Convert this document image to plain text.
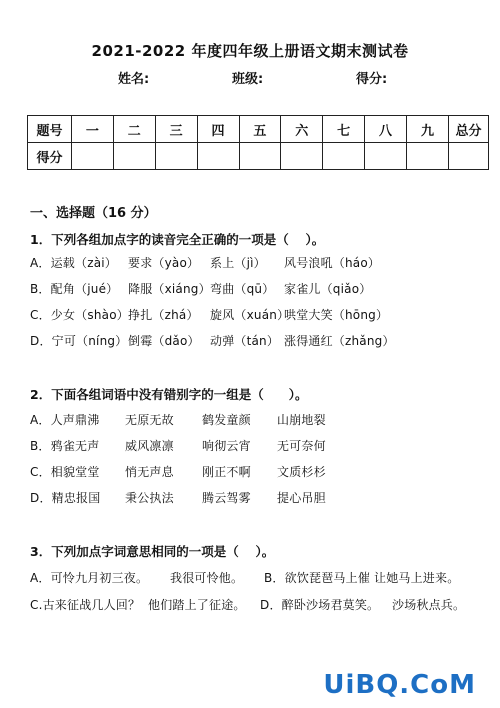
2021-2022 年度四年级上册语文期末测试卷
姓名:	班级:	得分:
题号	一	二	三	四	五	六	七	八	九	总分
得分										
一、选择题（16 分）
1．下列各组加点字的读音完全正确的一项是（　 ）。
A．运载（zài） 要求（yào） 系上（jì） 风号浪吼（háo）
B．配角（jué） 降服（xiáng） 弯曲（qū） 家雀儿（qiǎo）
C．少女（shào） 挣扎（zhá） 旋风（xuán）
哄堂大笑（hōng）
D．宁可（níng） 倒霉（dǎo） 动弹（tán） 涨得通红（zhǎng）
2．下面各组词语中没有错别字的一组是（　　）。
A．人声鼎沸 无原无故 鹤发童颜 山崩地裂
B．鸦雀无声 威风凛凛 响彻云宵 无可奈何
C．相貌堂堂 悄无声息 刚正不啊 文质杉杉
D．精忠报国 秉公执法 腾云驾雾 提心吊胆
3．下列加点字词意思相同的一项是（　 ）。
A．可怜九月初三夜。 我很可怜他。 B．欲饮琵琶马上催 让她马上进来。
C.古来征战几人回？ 他们踏上了征途。 D．醉卧沙场君莫笑。 沙场秋点兵。
UiBQ.CoM
